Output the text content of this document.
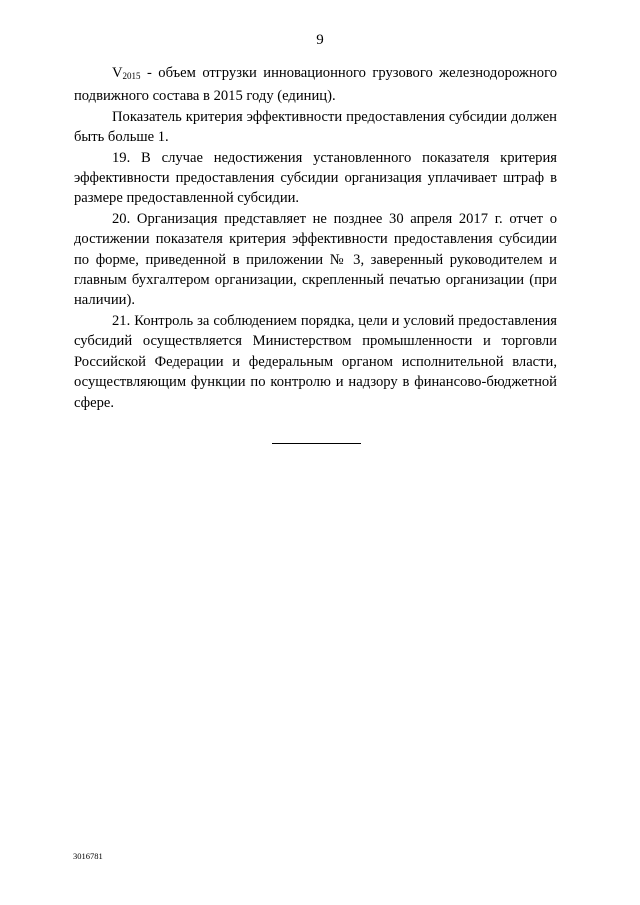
9

$V_{2015}$ - объем отгрузки инновационного грузового железнодорожного подвижного состава в 2015 году (единиц).

Показатель критерия эффективности предоставления субсидии должен быть больше 1.

19. В случае недостижения установленного показателя критерия эффективности предоставления субсидии организация уплачивает штраф в размере предоставленной субсидии.

20. Организация представляет не позднее 30 апреля 2017 г. отчет о достижении показателя критерия эффективности предоставления субсидии по форме, приведенной в приложении № 3, заверенный руководителем и главным бухгалтером организации, скрепленный печатью организации (при наличии).

21. Контроль за соблюдением порядка, цели и условий предоставления субсидий осуществляется Министерством промышленности и торговли Российской Федерации и федеральным органом исполнительной власти, осуществляющим функции по контролю и надзору в финансово-бюджетной сфере.

3016781
